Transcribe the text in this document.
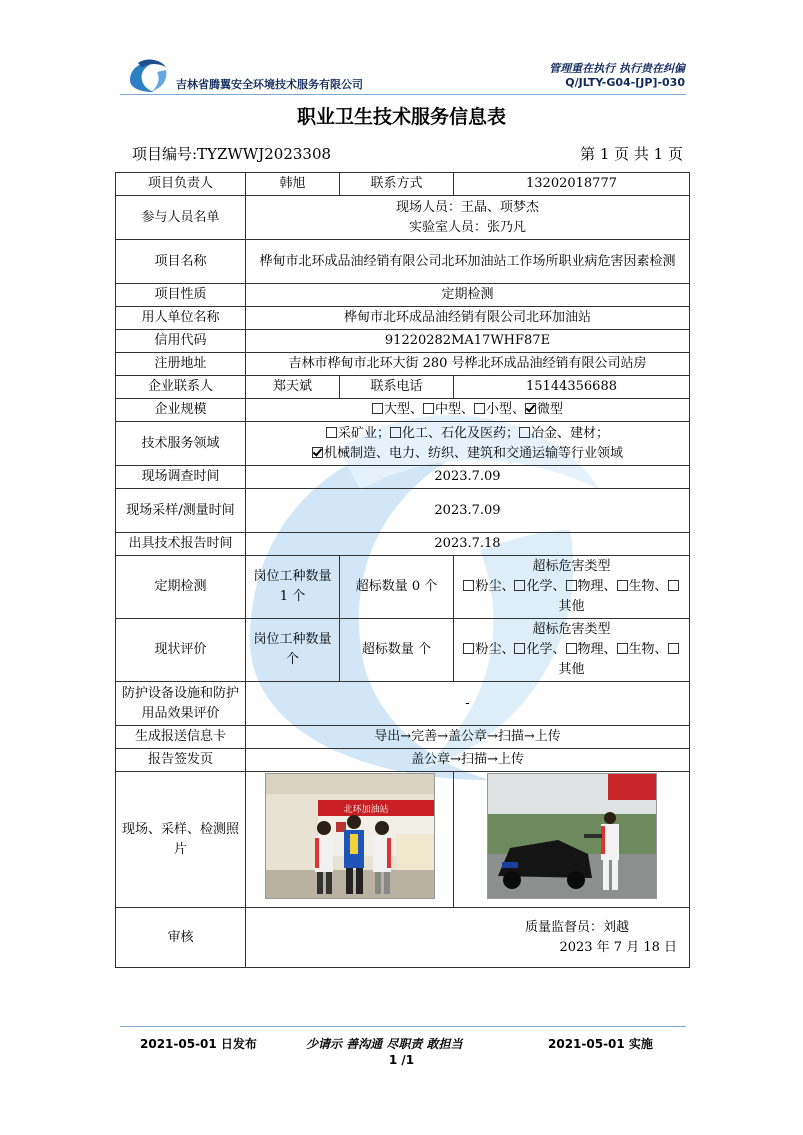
吉林省腾翼安全环境技术服务有限公司
管理重在执行 执行贵在纠偏
Q/JLTY-G04-[JP]-030
职业卫生技术服务信息表
项目编号:TYZWWJ2023308	第 1 页 共 1 页
项目负责人	韩旭	联系方式	13202018777
参与人员名单	现场人员：王晶、项梦杰
实验室人员：张乃凡		

项目名称	桦甸市北环成品油经销有限公司北环加油站工作场所职业病危害因素检测		
项目性质	定期检测		
用人单位名称	桦甸市北环成品油经销有限公司北环加油站		
信用代码	91220282MA17WHF87E		
注册地址	吉林市桦甸市北环大街 280 号桦北环成品油经销有限公司站房		
企业联系人	郑天斌	联系电话	15144356688
企业规模	大型、 中型、 小型、 微型		
技术服务领域	采矿业； 化工、石化及医药； 冶金、建材；
机械制造、电力、纺织、建筑和交通运输等行业领域		

现场调查时间	2023.7.09		
现场采样/测量时间	2023.7.09		
出具技术报告时间	2023.7.18		
定期检测	岗位工种数量 1 个	超标数量 0 个	超标危害类型
粉尘、 化学、 物理、 生物、其他

现状评价	岗位工种数量 个	超标数量 个	超标危害类型
粉尘、 化学、 物理、 生物、其他

防护设备设施和防护用品效果评价	-		
生成报送信息卡	导出→完善→盖公章→扫描→上传		
报告签发页	盖公章→扫描→上传		
现场、采样、检测照片	北环加油站

审核	质量监督员：刘越
2023 年 7 月 18 日		
2021-05-01 日发布	少请示 善沟通 尽职责 敢担当	2021-05-01 实施
1 /1
